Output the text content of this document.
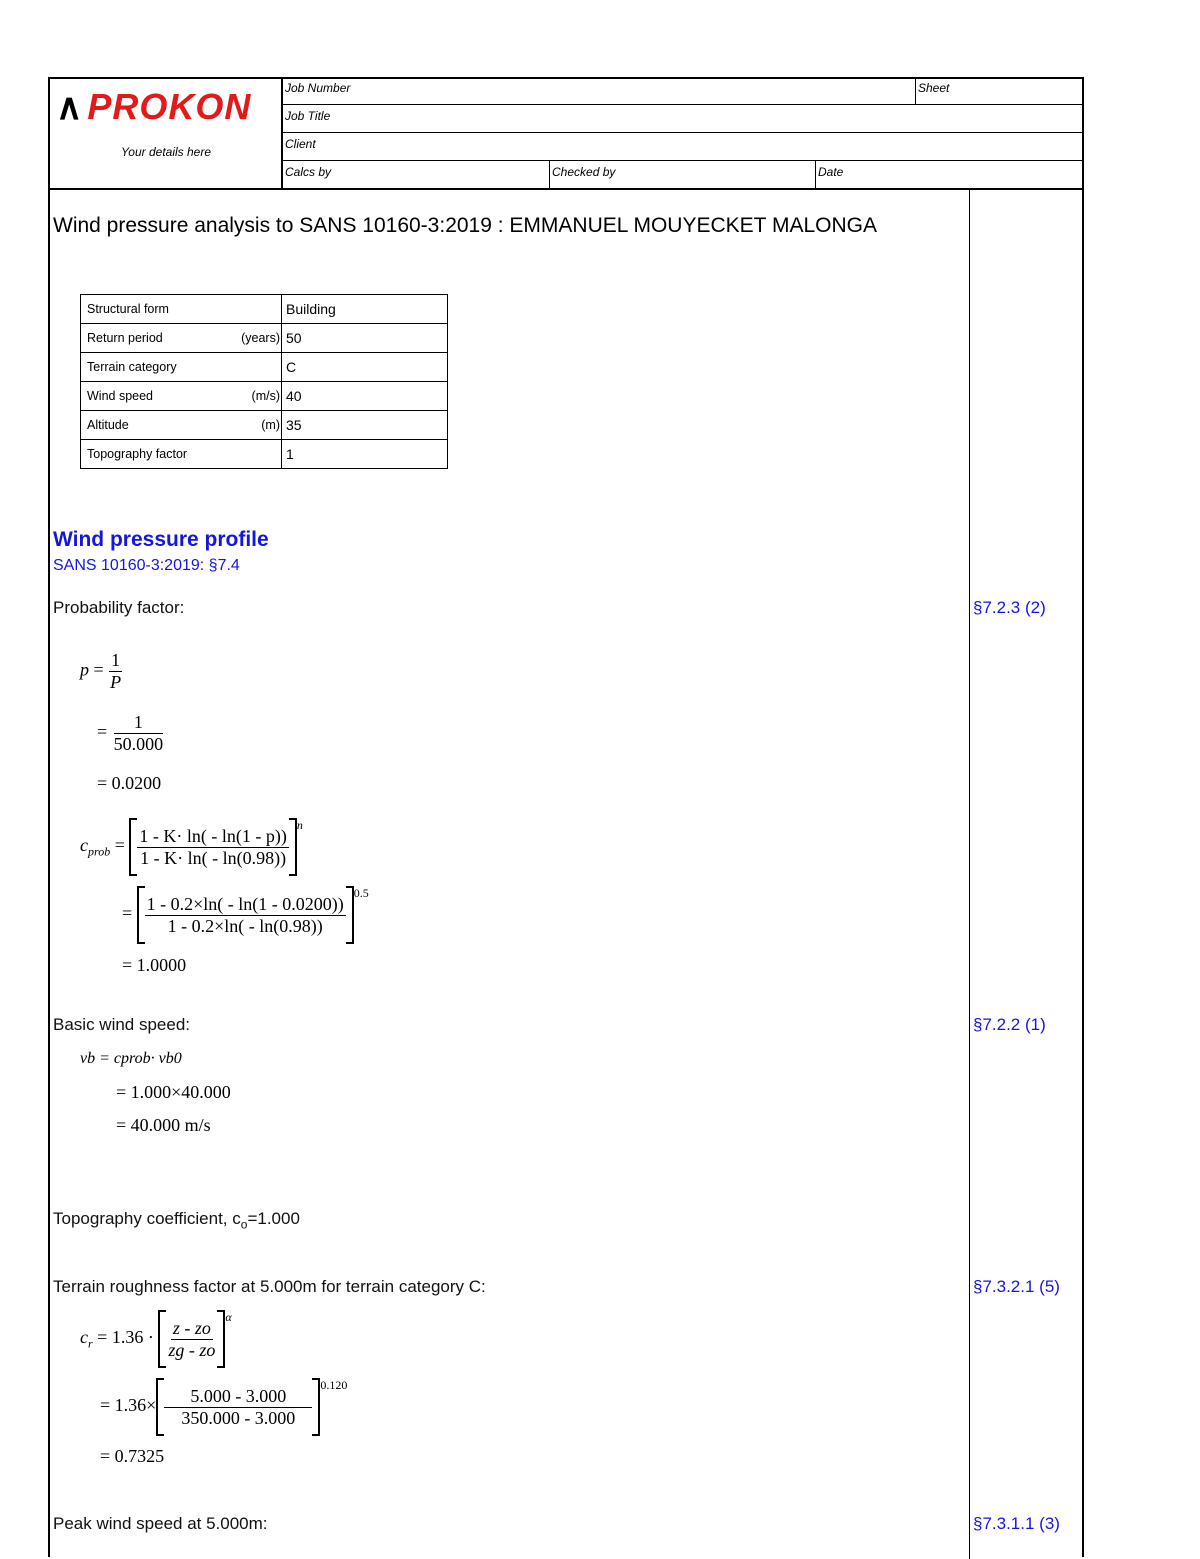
∧ PROKON
Your details here
Job Number	Sheet
Job Title
Client
Calcs by	Checked by	Date
Wind pressure analysis to SANS 10160-3:2019 : EMMANUEL MOUYECKET MALONGA
Structural form	Building
Return period (years)	50
Terrain category	C
Wind speed (m/s)	40
Altitude (m)	35
Topography factor	1
Wind pressure profile
SANS 10160-3:2019: §7.4
Probability factor:	§7.2.3 (2)
$p = \frac{1}{P}$
= $\frac{1}{50.000}$
= 0.0200
$c_{prob} = \frac{1 - K\cdot \ln( - \ln(1 - p))}{1 - K\cdot \ln( - \ln(0.98))}$
$^n$
= $\frac{1 - 0.2\times\ln( - \ln(1 - 0.0200))}{1 - 0.2\times\ln( - \ln(0.98))}$
$^{0.5}$
= 1.0000
Basic wind speed:	§7.2.2 (1)
vb = cprob· vb0
= 1.000×40.000
= 40.000 m/s
Topography coefficient, $c_o=1.000$
Terrain roughness factor at 5.000m for terrain category C:	§7.3.2.1 (5)
$c_r = 1.36 \cdot \frac{z - zo}{zg - zo}$
$^\alpha$
= $1.36\times \frac{5.000 - 3.000}{350.000 - 3.000}$
$^{0.120}$
= 0.7325
Peak wind speed at 5.000m:	§7.3.1.1 (3)
